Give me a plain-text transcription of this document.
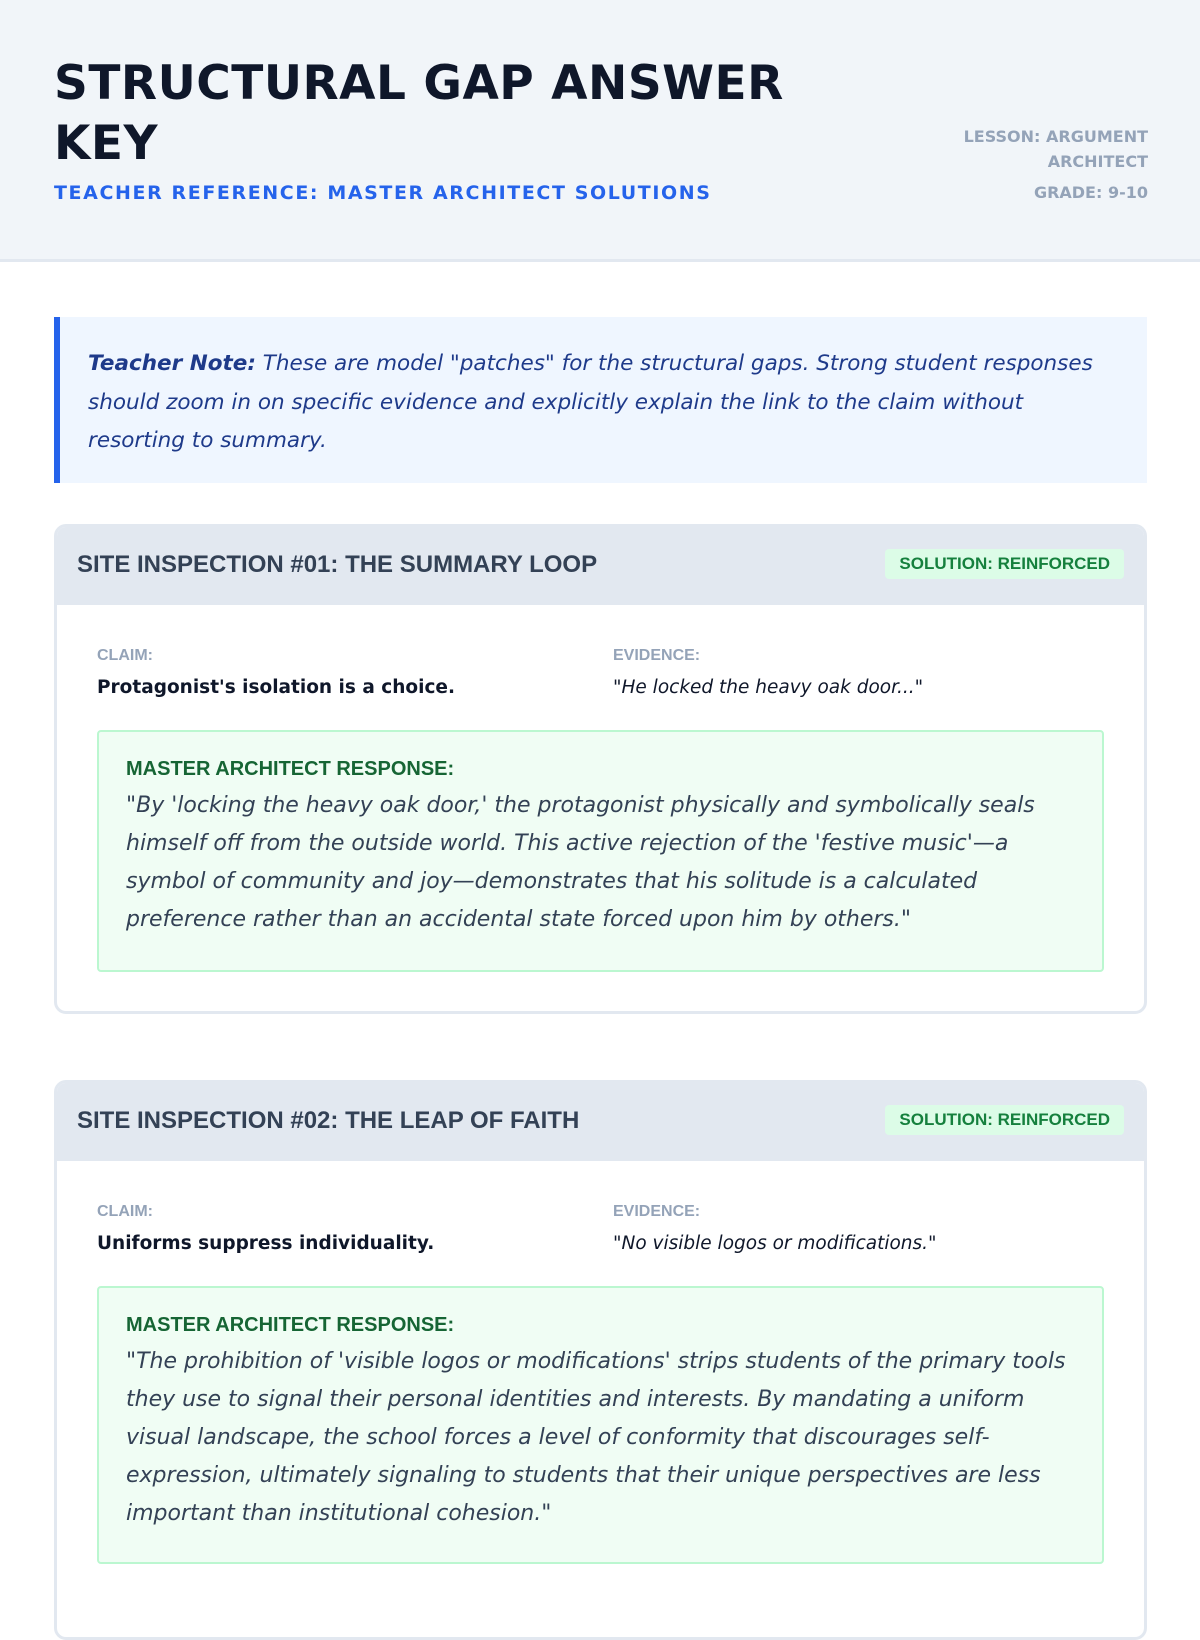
STRUCTURAL GAP ANSWER KEY
TEACHER REFERENCE: MASTER ARCHITECT SOLUTIONS
LESSON: ARGUMENT ARCHITECT
GRADE: 9-10
Teacher Note: These are model "patches" for the structural gaps. Strong student responses should zoom in on specific evidence and explicitly explain the link to the claim without resorting to summary.
SITE INSPECTION #01: THE SUMMARY LOOP	SOLUTION: REINFORCED
CLAIM:
Protagonist's isolation is a choice.
EVIDENCE:
"He locked the heavy oak door..."
MASTER ARCHITECT RESPONSE:
"By 'locking the heavy oak door,' the protagonist physically and symbolically seals himself off from the outside world. This active rejection of the 'festive music'—a symbol of community and joy—demonstrates that his solitude is a calculated preference rather than an accidental state forced upon him by others."
SITE INSPECTION #02: THE LEAP OF FAITH	SOLUTION: REINFORCED
CLAIM:
Uniforms suppress individuality.
EVIDENCE:
"No visible logos or modifications."
MASTER ARCHITECT RESPONSE:
"The prohibition of 'visible logos or modifications' strips students of the primary tools they use to signal their personal identities and interests. By mandating a uniform visual landscape, the school forces a level of conformity that discourages self-expression, ultimately signaling to students that their unique perspectives are less important than institutional cohesion."
